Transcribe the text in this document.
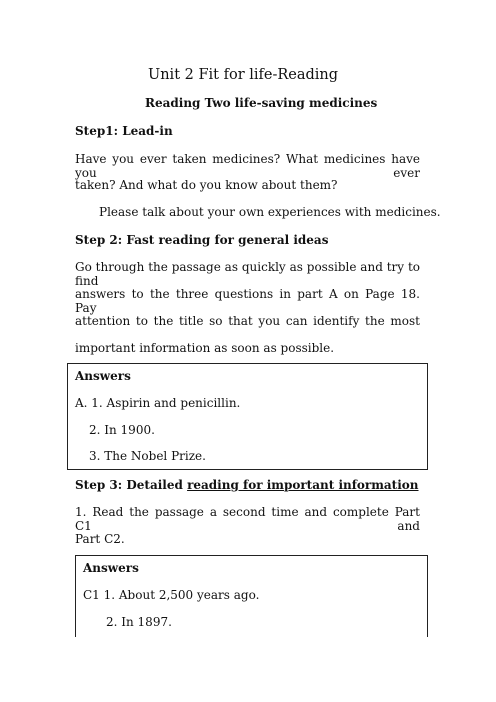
Unit 2 Fit for life-Reading
Reading Two life-saving medicines
Step1: Lead-in
Have you ever taken medicines? What medicines have you ever
taken? And what do you know about them?
Please talk about your own experiences with medicines.
Step 2: Fast reading for general ideas
Go through the passage as quickly as possible and try to find
answers to the three questions in part A on Page 18. Pay
attention to the title so that you can identify the most
important information as soon as possible.
Answers
A. 1. Aspirin and penicillin.
2. In 1900.
3. The Nobel Prize.
Step 3: Detailed reading for important information
1. Read the passage a second time and complete Part C1 and
Part C2.
Answers
C1 1. About 2,500 years ago.
2. In 1897.
